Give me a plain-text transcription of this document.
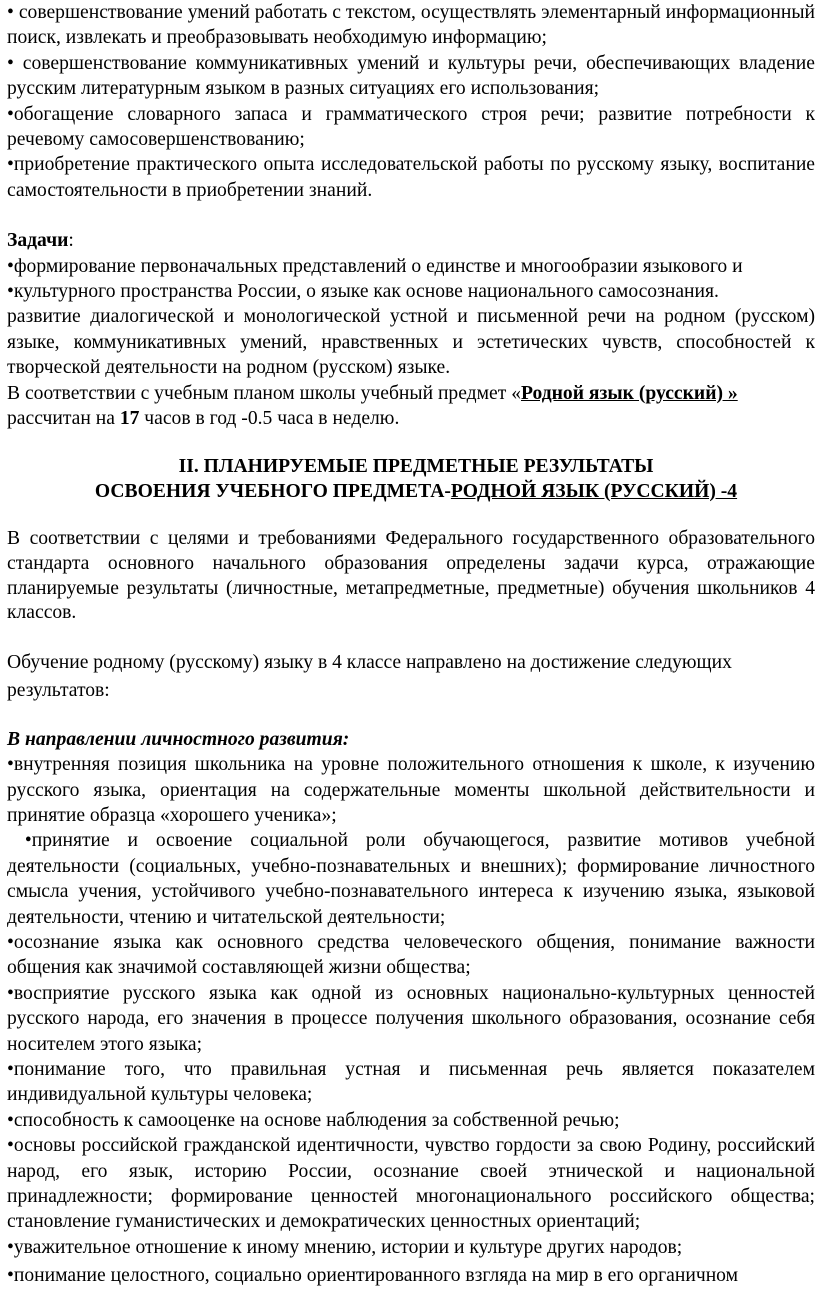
• совершенствование умений работать с текстом, осуществлять элементарный информационный поиск, извлекать и преобразовывать необходимую информацию;

• совершенствование коммуникативных умений и культуры речи, обеспечивающих владение русским литературным языком в разных ситуациях его использования;

•обогащение словарного запаса и грамматического строя речи; развитие потребности к речевому самосовершенствованию;

•приобретение практического опыта исследовательской работы по русскому языку, воспитание самостоятельности в приобретении знаний.

Задачи:

•формирование первоначальных представлений о единстве и многообразии языкового и

•культурного пространства России, о языке как основе национального самосознания.

развитие диалогической и монологической устной и письменной речи на родном (русском) языке, коммуникативных умений, нравственных и эстетических чувств, способностей к творческой деятельности на родном (русском) языке.

В соответствии с учебным планом школы учебный предмет «Родной язык (русский) »
рассчитан на 17 часов в год -0.5 часа в неделю.

II. ПЛАНИРУЕМЫЕ ПРЕДМЕТНЫЕ РЕЗУЛЬТАТЫ

ОСВОЕНИЯ УЧЕБНОГО ПРЕДМЕТА-РОДНОЙ ЯЗЫК (РУССКИЙ) -4

В соответствии с целями и требованиями Федерального государственного образовательного стандарта основного начального образования определены задачи курса, отражающие планируемые результаты (личностные, метапредметные, предметные) обучения школьников 4 классов.

Обучение родному (русскому) языку в 4 классе направлено на достижение следующих результатов:

В направлении личностного развития:

•внутренняя позиция школьника на уровне положительного отношения к школе, к изучению русского языка, ориентация на содержательные моменты школьной действительности и принятие образца «хорошего ученика»;

•принятие и освоение социальной роли обучающегося, развитие мотивов учебной деятельности (социальных, учебно-познавательных и внешних); формирование личностного смысла учения, устойчивого учебно-познавательного интереса к изучению языка, языковой деятельности, чтению и читательской деятельности;

•осознание языка как основного средства человеческого общения, понимание важности общения как значимой составляющей жизни общества;

•восприятие русского языка как одной из основных национально-культурных ценностей русского народа, его значения в процессе получения школьного образования, осознание себя носителем этого языка;

•понимание того, что правильная устная и письменная речь является показателем индивидуальной культуры человека;

•способность к самооценке на основе наблюдения за собственной речью;

•основы российской гражданской идентичности, чувство гордости за свою Родину, российский народ, его язык, историю России, осознание своей этнической и национальной принадлежности; формирование ценностей многонационального российского общества; становление гуманистических и демократических ценностных ориентаций;

•уважительное отношение к иному мнению, истории и культуре других народов;

•понимание целостного, социально ориентированного взгляда на мир в его органичном
